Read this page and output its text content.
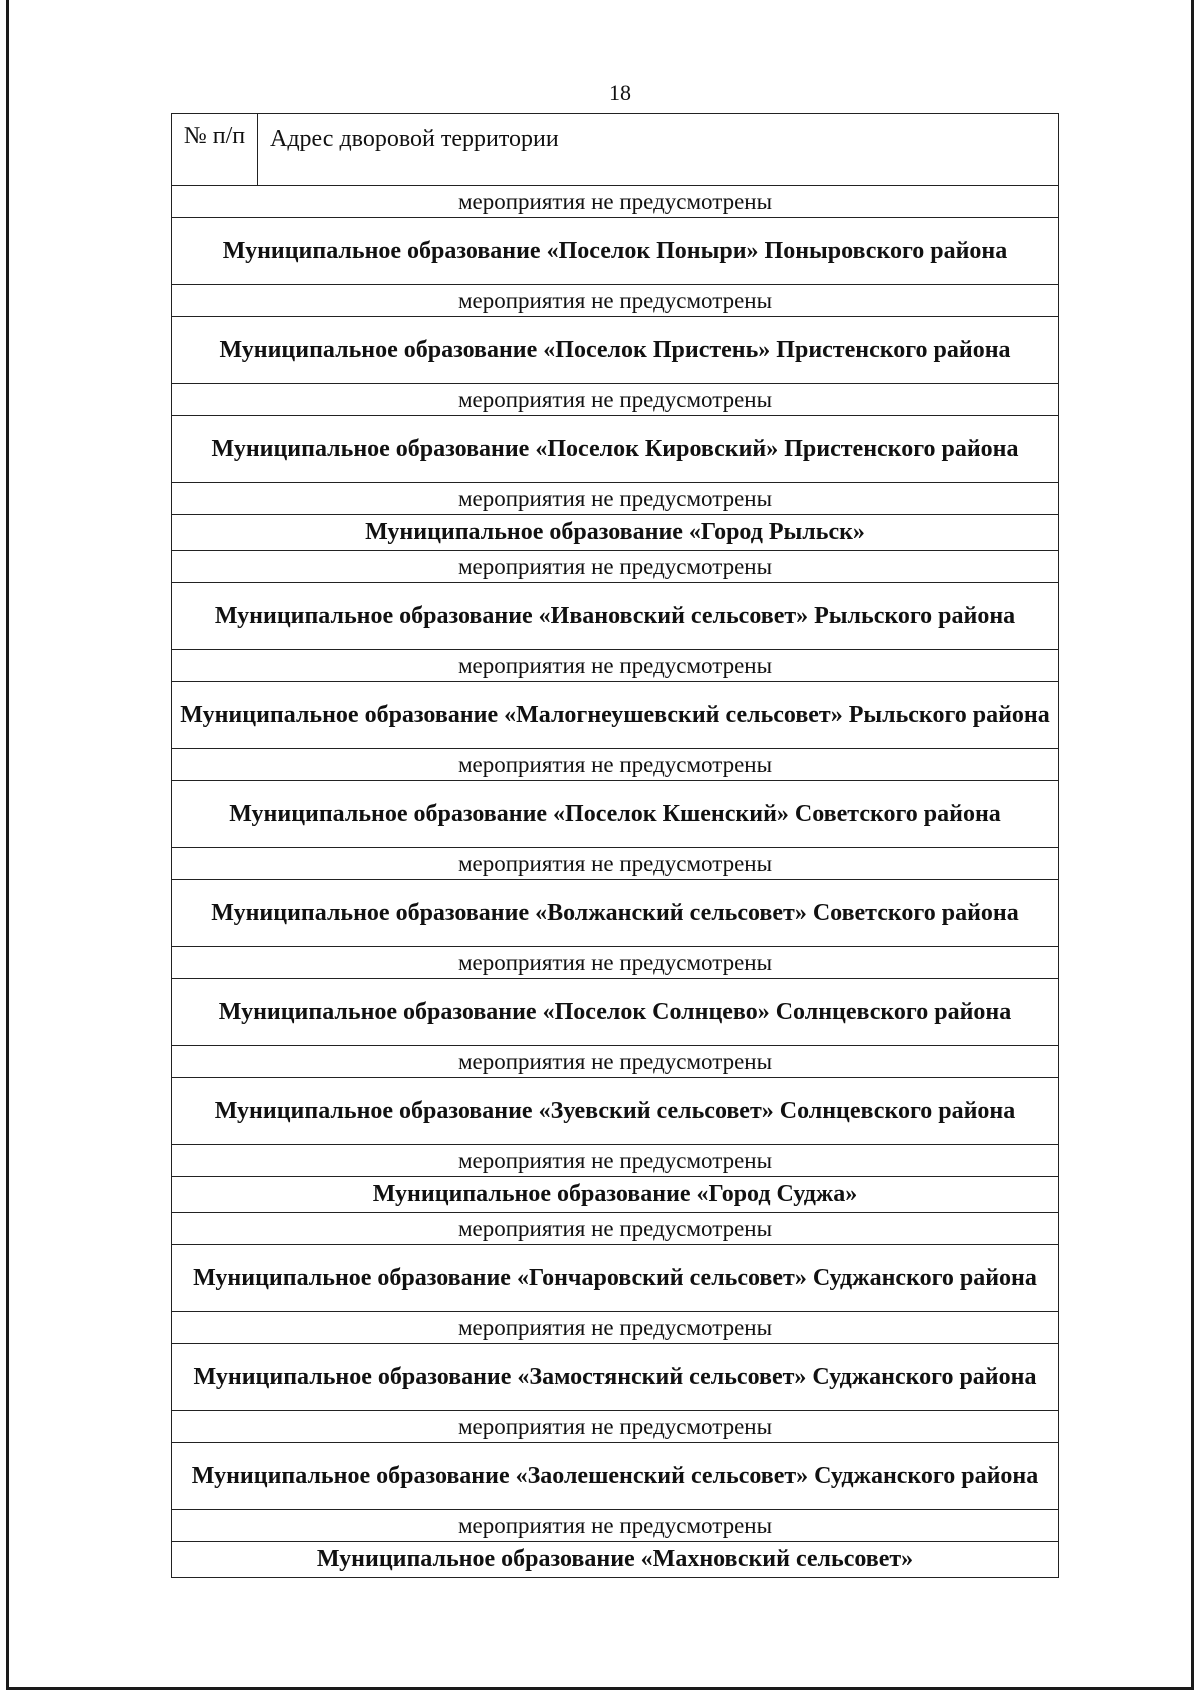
18
№ п/п	Адрес дворовой территории
мероприятия не предусмотрены
Муниципальное образование «Поселок Поныри» Поныровского района
мероприятия не предусмотрены
Муниципальное образование «Поселок Пристень» Пристенского района
мероприятия не предусмотрены
Муниципальное образование «Поселок Кировский» Пристенского района
мероприятия не предусмотрены
Муниципальное образование «Город Рыльск»
мероприятия не предусмотрены
Муниципальное образование «Ивановский сельсовет» Рыльского района
мероприятия не предусмотрены
Муниципальное образование «Малогнеушевский сельсовет» Рыльского района
мероприятия не предусмотрены
Муниципальное образование «Поселок Кшенский» Советского района
мероприятия не предусмотрены
Муниципальное образование «Волжанский сельсовет» Советского района
мероприятия не предусмотрены
Муниципальное образование «Поселок Солнцево» Солнцевского района
мероприятия не предусмотрены
Муниципальное образование «Зуевский сельсовет» Солнцевского района
мероприятия не предусмотрены
Муниципальное образование «Город Суджа»
мероприятия не предусмотрены
Муниципальное образование «Гончаровский сельсовет» Суджанского района
мероприятия не предусмотрены
Муниципальное образование «Замостянский сельсовет» Суджанского района
мероприятия не предусмотрены
Муниципальное образование «Заолешенский сельсовет» Суджанского района
мероприятия не предусмотрены
Муниципальное образование «Махновский сельсовет»
